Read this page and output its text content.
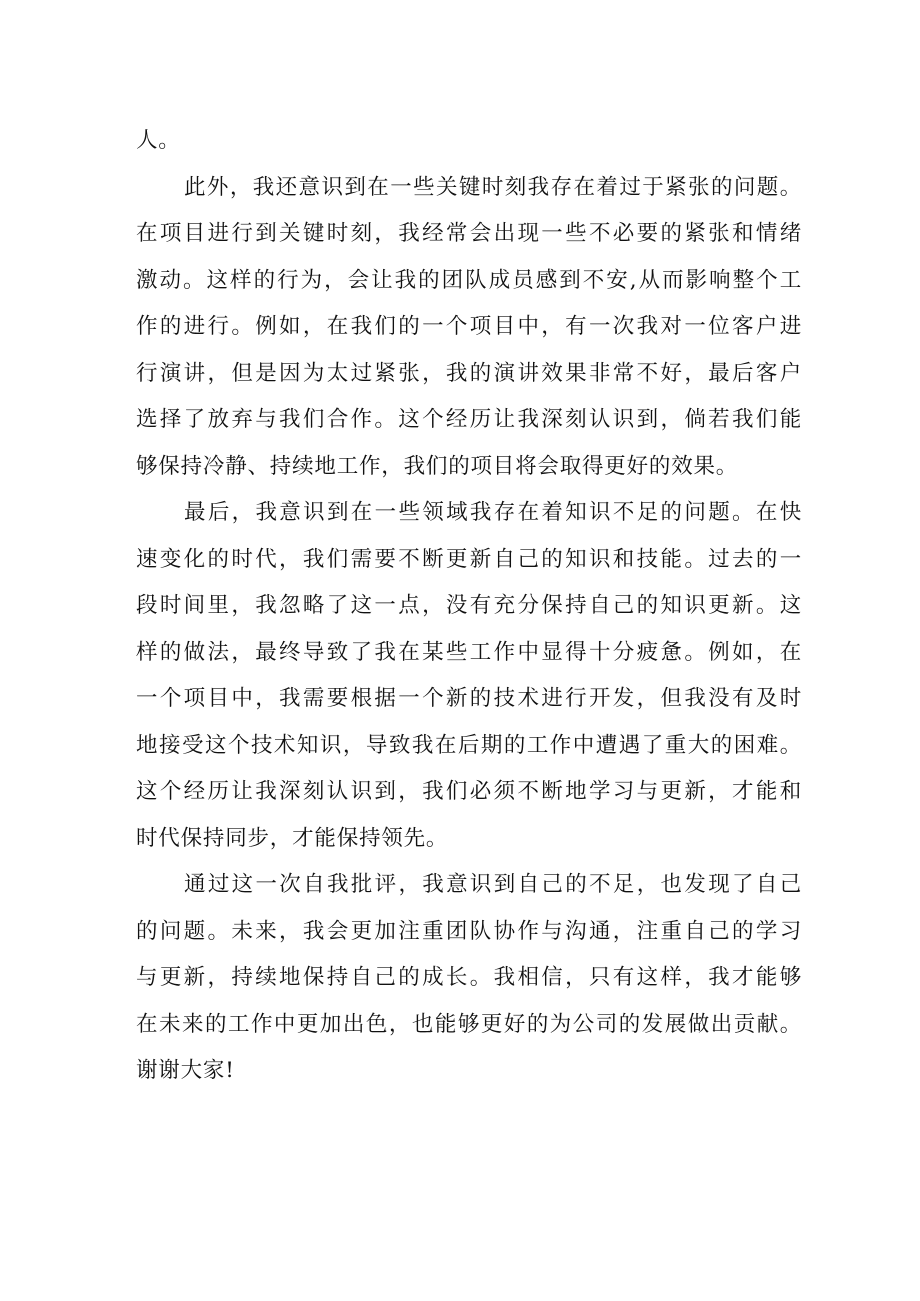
人。
此外，我还意识到在一些关键时刻我存在着过于紧张的问题。
在项目进行到关键时刻，我经常会出现一些不必要的紧张和情绪
激动。这样的行为，会让我的团队成员感到不安,从而影响整个工
作的进行。例如，在我们的一个项目中，有一次我对一位客户进
行演讲，但是因为太过紧张，我的演讲效果非常不好，最后客户
选择了放弃与我们合作。这个经历让我深刻认识到，倘若我们能
够保持冷静、持续地工作，我们的项目将会取得更好的效果。
最后，我意识到在一些领域我存在着知识不足的问题。在快
速变化的时代，我们需要不断更新自己的知识和技能。过去的一
段时间里，我忽略了这一点，没有充分保持自己的知识更新。这
样的做法，最终导致了我在某些工作中显得十分疲惫。例如，在
一个项目中，我需要根据一个新的技术进行开发，但我没有及时
地接受这个技术知识，导致我在后期的工作中遭遇了重大的困难。
这个经历让我深刻认识到，我们必须不断地学习与更新，才能和
时代保持同步，才能保持领先。
通过这一次自我批评，我意识到自己的不足，也发现了自己
的问题。未来，我会更加注重团队协作与沟通，注重自己的学习
与更新，持续地保持自己的成长。我相信，只有这样，我才能够
在未来的工作中更加出色，也能够更好的为公司的发展做出贡献。
谢谢大家!
